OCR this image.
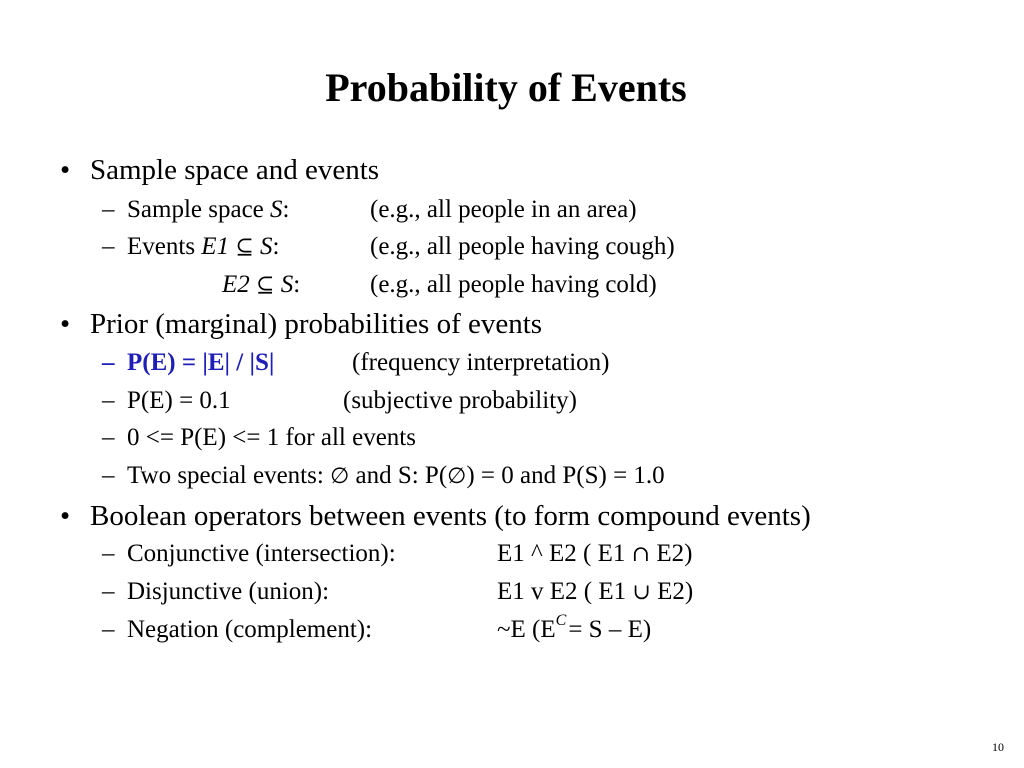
Probability of Events
• Sample space and events
– Sample space S:	(e.g., all people in an area)
– Events E1 ⊆ S:	(e.g., all people having cough)
E2 ⊆ S:	(e.g., all people having cold)
• Prior (marginal) probabilities of events
– P(E) = |E| / |S|	(frequency interpretation)
– P(E) = 0.1	(subjective probability)
– 0 <= P(E) <= 1 for all events
– Two special events: ∅ and S: P(∅) = 0 and P(S) = 1.0
• Boolean operators between events (to form compound events)
– Conjunctive (intersection):	E1 ^ E2 ( E1 ∩ E2)
– Disjunctive (union):	E1 v E2 ( E1 ∪ E2)
– Negation (complement):	~E $(E^C= S - E)$
10
